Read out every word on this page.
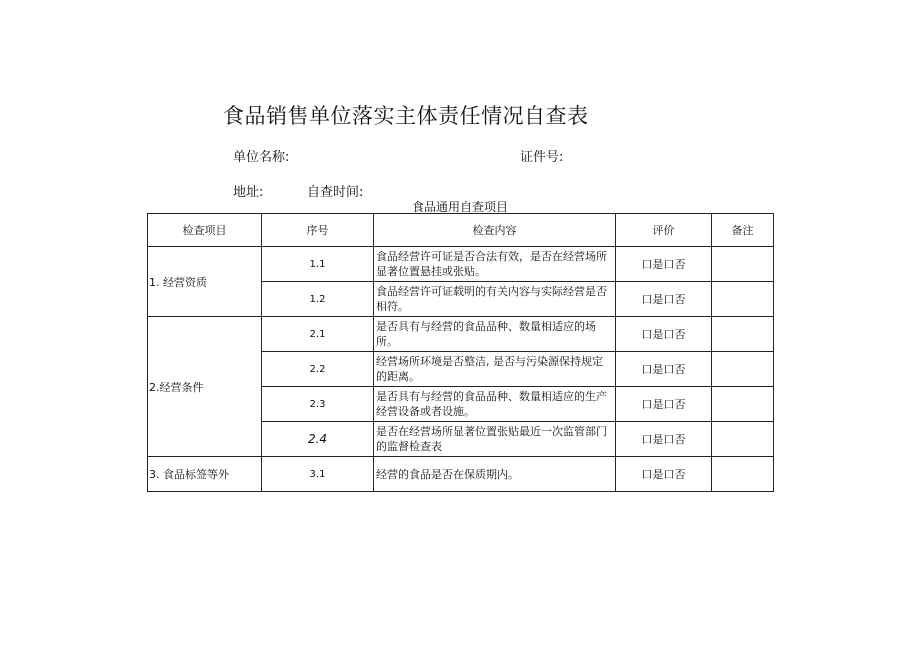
食品销售单位落实主体责任情况自查表
单位名称:	证件号:
地址:	自查时间:
食品通用自查项目
检查项目	序号	检查内容	评价	备注
1. 经营资质	1.1	食品经营许可证是否合法有效，是否在经营场所显著位置悬挂或张贴。	口是口否	
	1.2	食品经营许可证载明的有关内容与实际经营是否相符。	口是口否	
2.经营条件	2.1	是否具有与经营的食品品种、数量相适应的场所。	口是口否	
	2.2	经营场所环境是否整洁, 是否与污染源保持规定的距离。	口是口否	
	2.3	是否具有与经营的食品品种、数量相适应的生产经营设备或者设施。	口是口否	
	2.4	是否在经营场所显著位置张贴最近一次监管部门的监督检查表	口是口否	
3. 食品标签等外	3.1	经营的食品是否在保质期内。	口是口否	
